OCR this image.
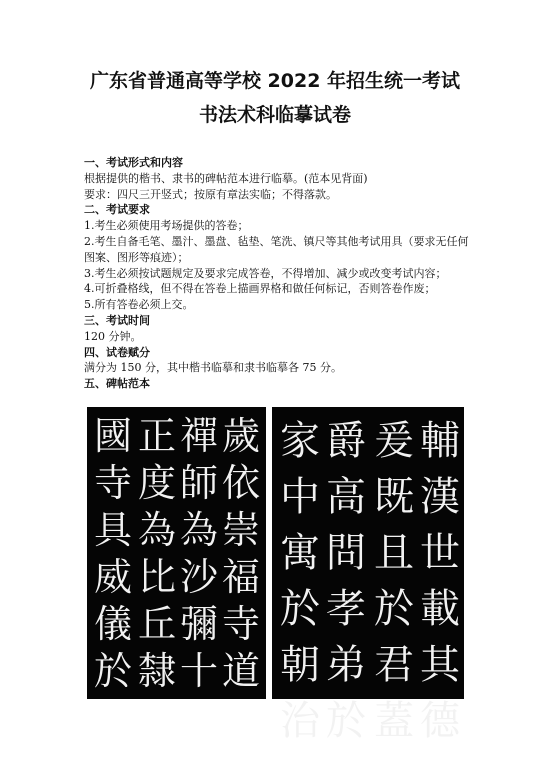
广东省普通高等学校 2022 年招生统一考试
书法术科临摹试卷
一、考试形式和内容
根据提供的楷书、隶书的碑帖范本进行临摹。(范本见背面)
要求：四尺三开竖式；按原有章法实临；不得落款。
二、考试要求
1.考生必须使用考场提供的答卷；
2.考生自备毛笔、墨汁、墨盘、毡垫、笔洗、镇尺等其他考试用具（要求无任何
图案、图形等痕迹）；
3.考生必须按试题规定及要求完成答卷，不得增加、减少或改变考试内容；
4.可折叠格线，但不得在答卷上描画界格和做任何标记，否则答卷作废；
5.所有答卷必须上交。
三、考试时间
120 分钟。
四、试卷赋分
满分为 150 分，其中楷书临摹和隶书临摹各 75 分。
五、碑帖范本
歲
依
崇
福
寺
道
禪
師
為
沙
彌
十
正
度
為
比
丘
隸
國
寺
具
威
儀
於
輔
漢
世
載
其
德
爰
既
且
於
君
蓋
爵
高
問
孝
弟
於
家
中
寓
於
朝
治
